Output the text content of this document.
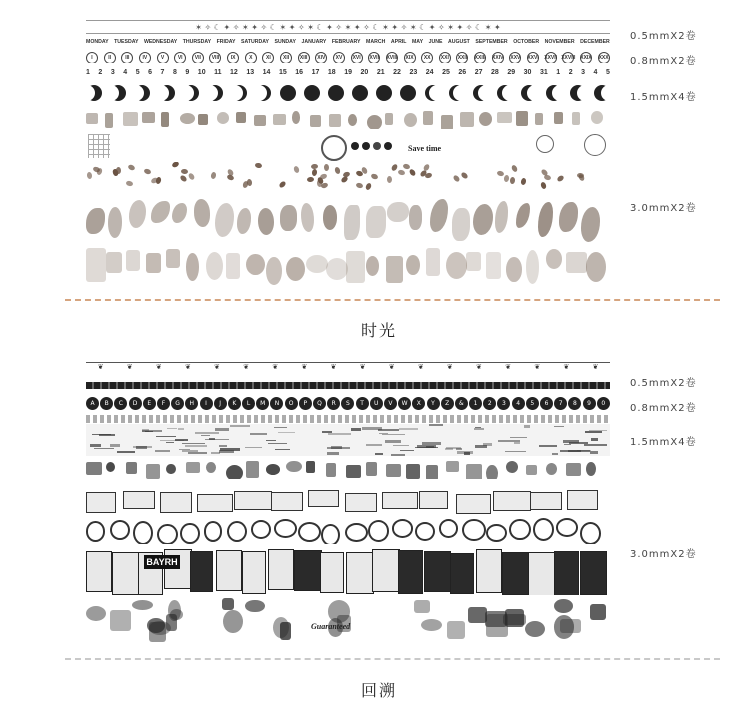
✶ ✧ ☾ ✦ ✧ ✶ ✦ ✧ ☾ ✶ ✦ ✧ ✶ ☾ ✦ ✧ ✶ ✦ ✧ ☾ ✶ ✦ ✧ ✶ ☾ ✦ ✧ ✶ ✦ ✧ ☾ ✶ ✦
MONDAY TUESDAY WEDNESDAY THURSDAY FRIDAY SATURDAY SUNDAY JANUARY FEBRUARY MARCH APRIL MAY JUNE AUGUST SEPTEMBER OCTOBER NOVEMBER DECEMBER
I	II	III	IV	V	VI	VII	VIII	IX	X	XI	XII	XIII	XIV	XV	XVI	XVII XVIII	XIX	XX	XXI	XXII XXIII XXIV XXV XXVI XXVII XXVIII XXIX XXX
1 2 3 4 5 6 7 8 9 10 11 12 13 14 15 16 17 18 19 20 21 22 23 24 25 26 27 28 29 30 31 1 2 3 4 5
Save time
0.5mmX2卷
0.8mmX2卷
1.5mmX4卷
3.0mmX2卷
时光
❦	❦	❦	❦	❦	❦	❦	❦	❦	❦	❦	❦	❦	❦	❦	❦	❦	❦
A	B	C	D	E	F	G	H	I	J	K	L	M	N	O	P	Q	R	S	T	U	V	W	X	Y	Z	&	1	2	3	4	5	6	7	8	9	0
BAYRH
Guaranteed
0.5mmX2卷
0.8mmX2卷
1.5mmX4卷
3.0mmX2卷
回溯
